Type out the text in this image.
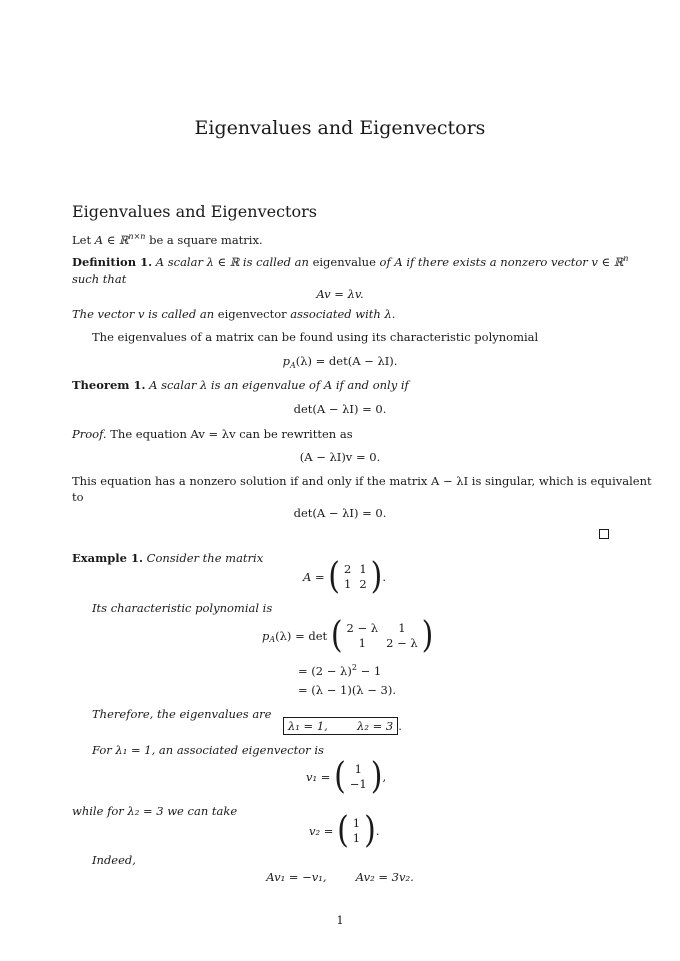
Eigenvalues and Eigenvectors
Eigenvalues and Eigenvectors
Let A ∈ ℝ$^{n\times n}$ be a square matrix.
Definition 1. A scalar λ ∈ ℝ is called an eigenvalue of A if there exists a nonzero vector v ∈ ℝ$^n$
such that
Av = λv.
The vector v is called an eigenvector associated with λ.
The eigenvalues of a matrix can be found using its characteristic polynomial
$p_A(\lambda) = \det(A - \lambda I)$.
Theorem 1. A scalar λ is an eigenvalue of A if and only if
det(A − λI) = 0.
Proof. The equation Av = λv can be rewritten as
(A − λI)v = 0.
This equation has a nonzero solution if and only if the matrix A − λI is singular, which is equivalent
to
det(A − λI) = 0.
Example 1. Consider the matrix
A = ( 2	1
1	2 ).
Its characteristic polynomial is
$p_A(\lambda) = \det$ ( 2 − λ	1
1	2 − λ )
= $(2 - \lambda)^2 - 1$
= (λ − 1)(λ − 3).
Therefore, the eigenvalues are
λ₁ = 1,        λ₂ = 3 .
For λ₁ = 1, an associated eigenvector is
v₁ = ( 1
−1 ),
while for λ₂ = 3 we can take
v₂ = ( 1
1 ).
Indeed,
Av₁ = −v₁,        Av₂ = 3v₂.
1
